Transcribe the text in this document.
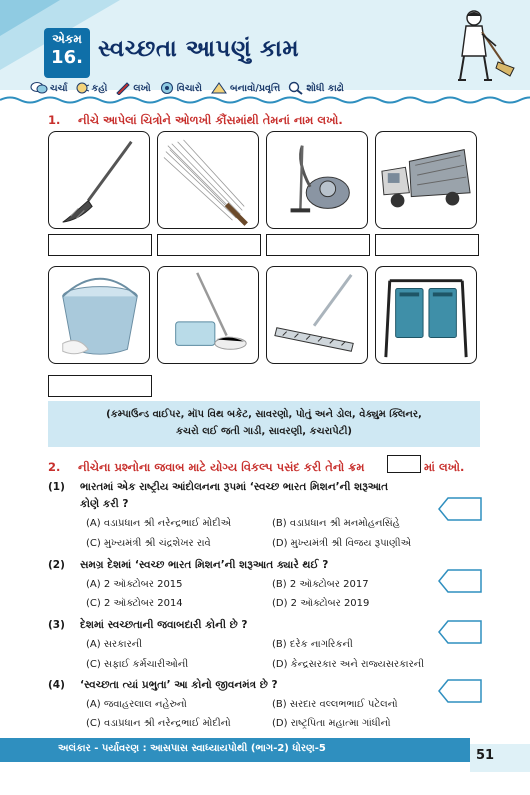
એકમ
16. સ્વચ્છતા આપણું કામ
ચર્ચા	કહો	લખો	વિચારો	બનાવો/પ્રવૃત્તિ	શોધી કાઢો
1. નીચે આપેલાં ચિત્રોને ઓળખી કૌંસમાંથી તેમનાં નામ લખો.
(કમ્પાઉન્ડ વાઈપર, મૉપ વિથ બકેટ, સાવરણો, પોતું અને ડોલ, વેક્યુમ ક્લિનર,
કચરો લઈ જતી ગાડી, સાવરણી, કચરાપેટી)
2. નીચેના પ્રશ્નોના જવાબ માટે યોગ્ય વિકલ્પ પસંદ કરી તેનો ક્રમ	માં લખો.
(1) ભારતમાં એક રાષ્ટ્રીય આંદોલનના રૂપમાં ‘સ્વચ્છ ભારત મિશન’ની શરૂઆત
કોણે કરી ?
(A) વડાપ્રધાન શ્રી નરેન્દ્રભાઈ મોદીએ	(B) વડાપ્રધાન શ્રી મનમોહનસિંહે
(C) મુખ્યમંત્રી શ્રી ચંદ્રશેખર રાવે	(D) મુખ્યમંત્રી શ્રી વિજય રૂપાણીએ
(2) સમગ્ર દેશમાં ‘સ્વચ્છ ભારત મિશન’ની શરૂઆત ક્યારે થઈ ?
(A) 2 ઑક્ટોબર 2015	(B) 2 ઑક્ટોબર 2017
(C) 2 ઑક્ટોબર 2014	(D) 2 ઑક્ટોબર 2019
(3) દેશમાં સ્વચ્છતાની જવાબદારી કોની છે ?
(A) સરકારની	(B) દરેક નાગરિકની
(C) સફાઈ કર્મચારીઓની	(D) કેન્દ્રસરકાર અને રાજ્યસરકારની
(4) ‘સ્વચ્છતા ત્યાં પ્રભુતા’ આ કોનો જીવનમંત્ર છે ?
(A) જવાહરલાલ નહેરુનો	(B) સરદાર વલ્લભભાઈ પટેલનો
(C) વડાપ્રધાન શ્રી નરેન્દ્રભાઈ મોદીનો	(D) રાષ્ટ્રપિતા મહાત્મા ગાંધીનો
અલંકાર - પર્યાવરણ : આસપાસ સ્વાધ્યાયપોથી (ભાગ-2) ધોરણ-5	51
